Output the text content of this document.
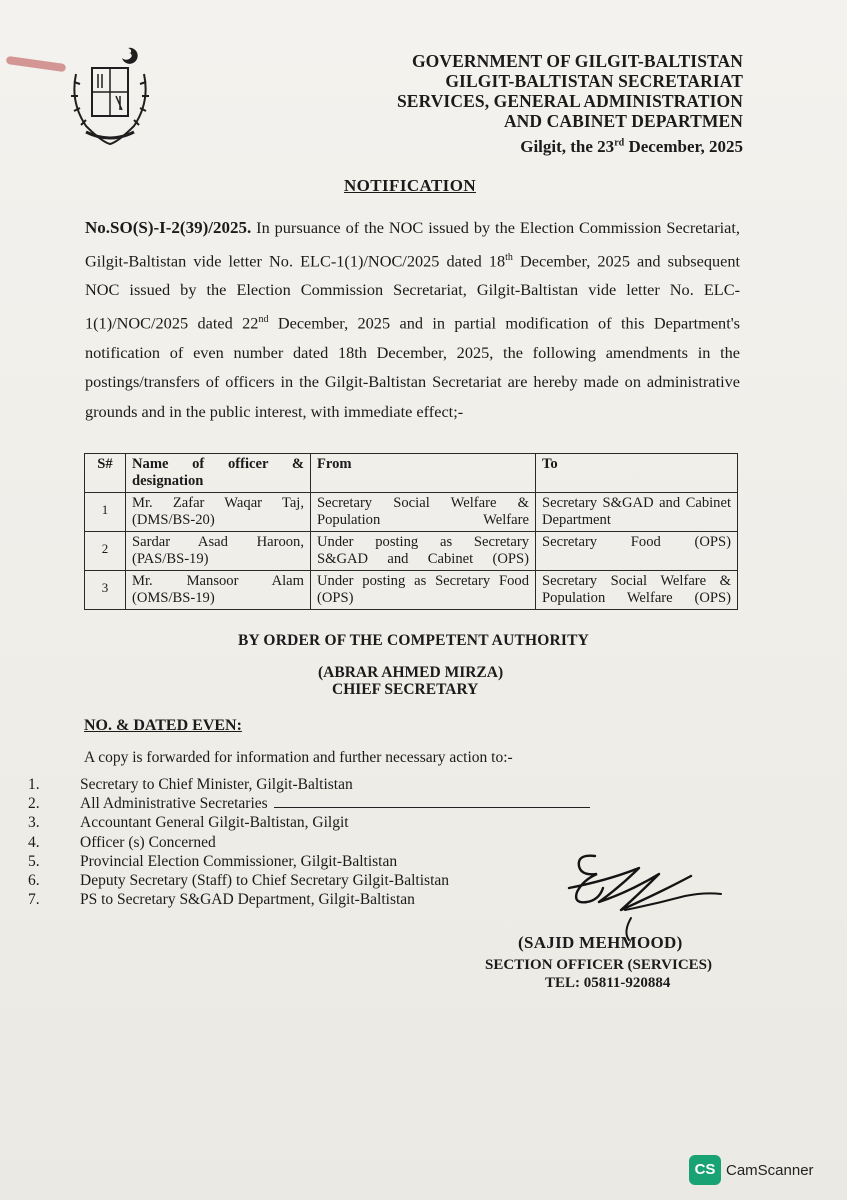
GOVERNMENT OF GILGIT-BALTISTAN
GILGIT-BALTISTAN SECRETARIAT
SERVICES, GENERAL ADMINISTRATION
AND CABINET DEPARTMEN
Gilgit, the 23rd December, 2025
NOTIFICATION
No.SO(S)-I-2(39)/2025. In pursuance of the NOC issued by the Election Commission Secretariat, Gilgit-Baltistan vide letter No. ELC-1(1)/NOC/2025 dated 18th December, 2025 and subsequent NOC issued by the Election Commission Secretariat, Gilgit-Baltistan vide letter No. ELC-1(1)/NOC/2025 dated 22nd December, 2025 and in partial modification of this Department's notification of even number dated 18th December, 2025, the following amendments in the postings/transfers of officers in the Gilgit-Baltistan Secretariat are hereby made on administrative grounds and in the public interest, with immediate effect;-
S#	Name of officer & designation	From	To
1	Mr. Zafar Waqar Taj, (DMS/BS-20)	Secretary Social Welfare & Population Welfare	Secretary S&GAD and Cabinet Department
2	Sardar Asad Haroon, (PAS/BS-19)	Under posting as Secretary S&GAD and Cabinet (OPS)	Secretary Food (OPS)
3	Mr. Mansoor Alam (OMS/BS-19)	Under posting as Secretary Food (OPS)	Secretary Social Welfare & Population Welfare (OPS)
BY ORDER OF THE COMPETENT AUTHORITY
(ABRAR AHMED MIRZA)
CHIEF SECRETARY
NO. & DATED EVEN:
A copy is forwarded for information and further necessary action to:-
1.	Secretary to Chief Minister, Gilgit-Baltistan
2.	All Administrative Secretaries
3.	Accountant General Gilgit-Baltistan, Gilgit
4.	Officer (s) Concerned
5.	Provincial Election Commissioner, Gilgit-Baltistan
6.	Deputy Secretary (Staff) to Chief Secretary Gilgit-Baltistan
7.	PS to Secretary S&GAD Department, Gilgit-Baltistan
(SAJID MEHMOOD)
SECTION OFFICER (SERVICES)
TEL: 05811-920884
CS CamScanner
